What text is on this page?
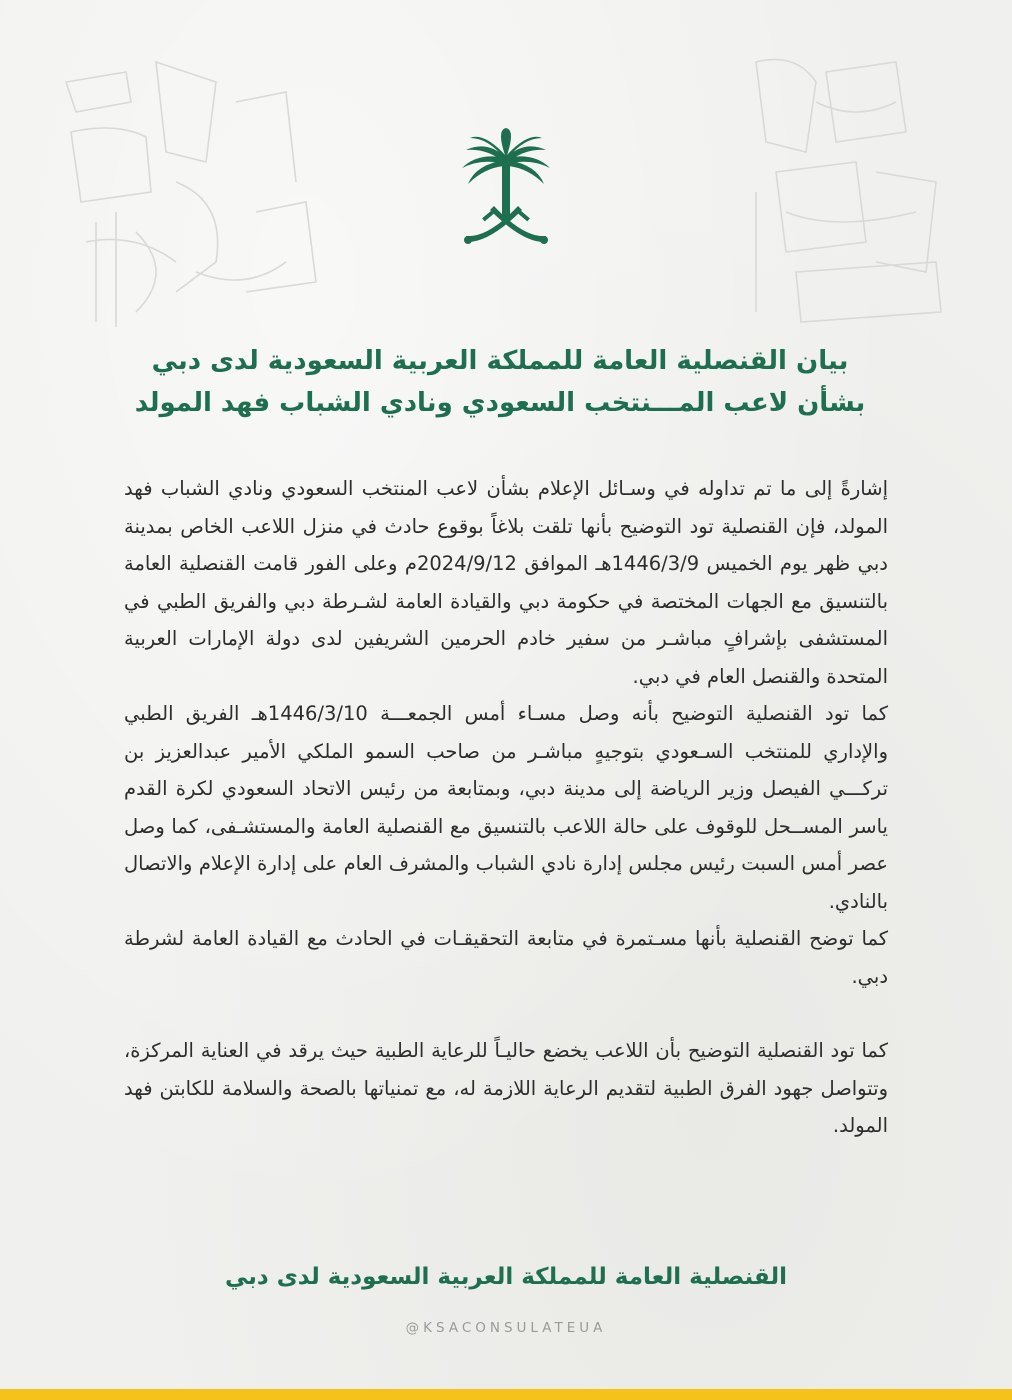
بيان القنصلية العامة للمملكة العربية السعودية لدى دبي
بشأن لاعب المـــنتخب السعودي ونادي الشباب فهد المولد

إشارةً إلى ما تم تداوله في وسـائل الإعلام بشأن لاعب المنتخب السعودي ونادي الشباب فهد المولد، فإن القنصلية تود التوضيح بأنها تلقت بلاغاً بوقوع حادث في منزل اللاعب الخاص بمدينة دبي ظهر يوم الخميس 1446/3/9هـ الموافق 2024/9/12م وعلى الفور قامت القنصلية العامة بالتنسيق مع الجهات المختصة في حكومة دبي والقيادة العامة لشـرطة دبي والفريق الطبي في المستشفى بإشرافٍ مباشـر من سفير خادم الحرمين الشريفين لدى دولة الإمارات العربية المتحدة والقنصل العام في دبي.

كما تود القنصلية التوضيح بأنه وصل مسـاء أمس الجمعـــة 1446/3/10هـ الفريق الطبي والإداري للمنتخب السـعودي بتوجيهٍ مباشـر من صاحب السمو الملكي الأمير عبدالعزيز بن تركـــي الفيصل وزير الرياضة إلى مدينة دبي، وبمتابعة من رئيس الاتحاد السعودي لكرة القدم ياسر المســحل للوقوف على حالة اللاعب بالتنسيق مع القنصلية العامة والمستشـفى، كما وصل عصر أمس السبت رئيس مجلس إدارة نادي الشباب والمشرف العام على إدارة الإعلام والاتصال بالنادي.

كما توضح القنصلية بأنها مسـتمرة في متابعة التحقيقـات في الحادث مع القيادة العامة لشرطة دبي.

كما تود القنصلية التوضيح بأن اللاعب يخضع حاليـاً للرعاية الطبية حيث يرقد في العناية المركزة، وتتواصل جهود الفرق الطبية لتقديم الرعاية اللازمة له، مع تمنياتها بالصحة والسلامة للكابتن فهد المولد.

القنصلية العامة للمملكة العربية السعودية لدى دبي
@KSACONSULATEUA
